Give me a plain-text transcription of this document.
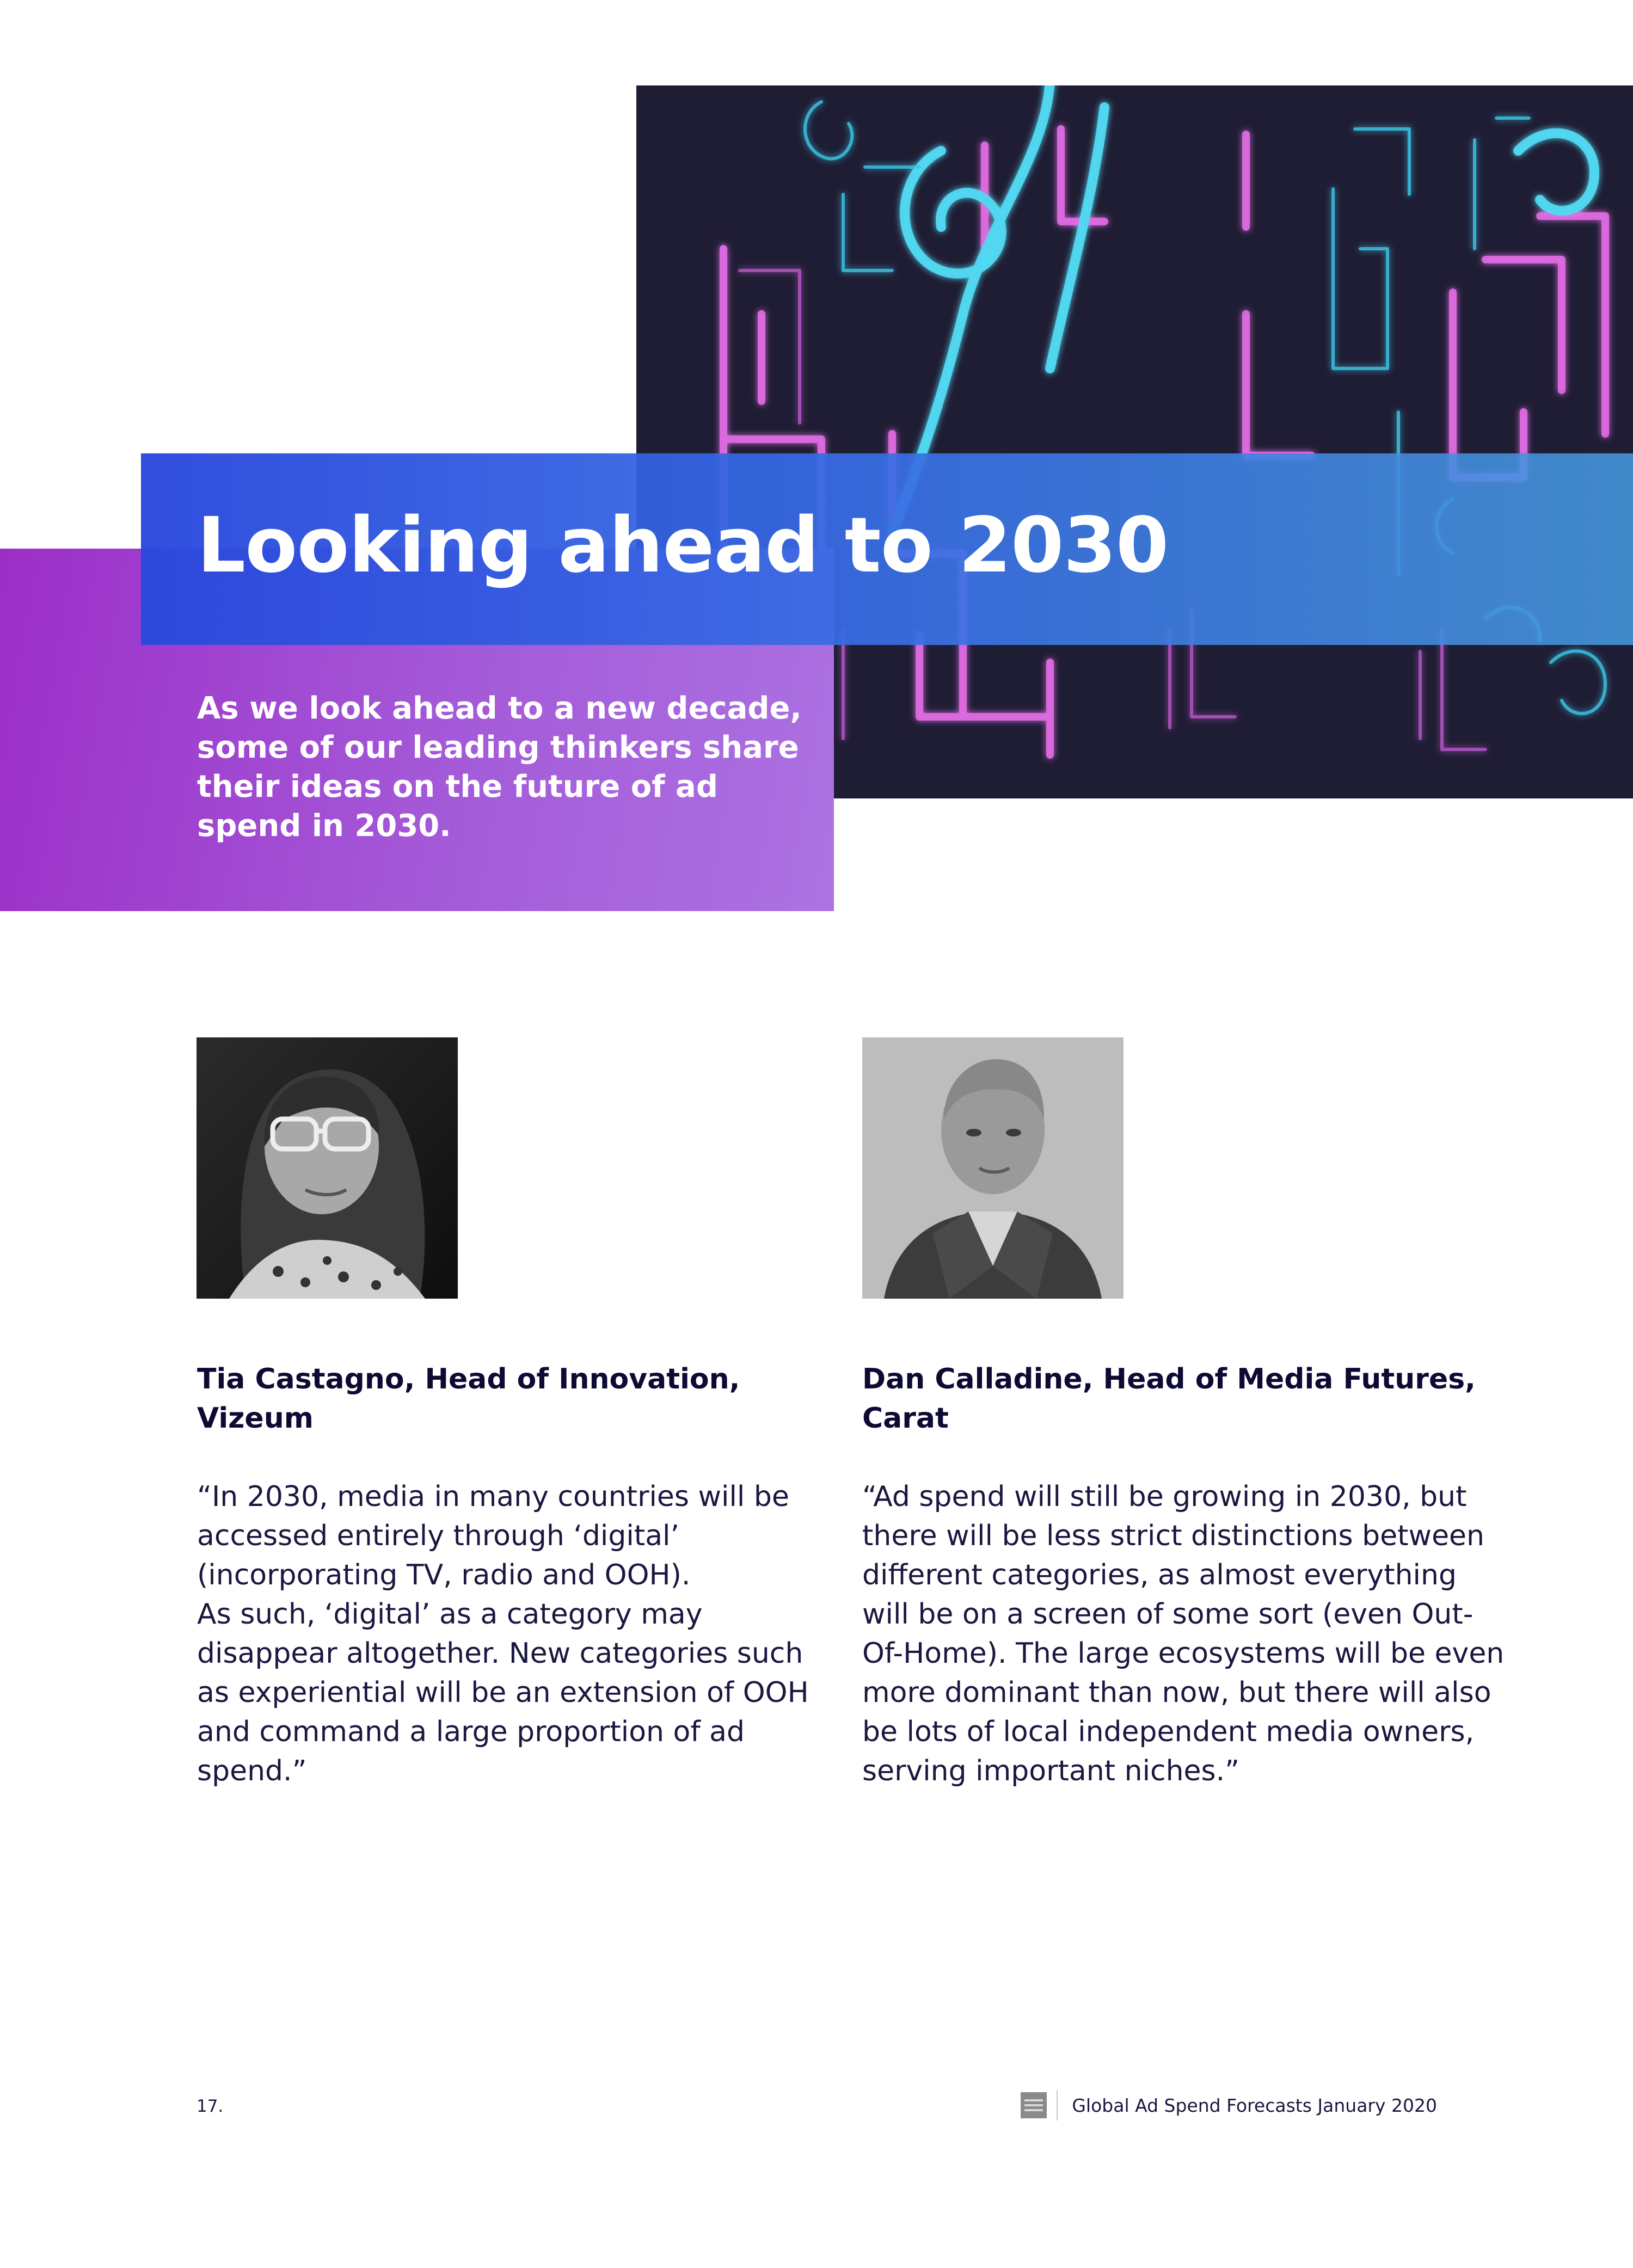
As we look ahead to a new decade, some of our leading thinkers share their ideas on the future of ad spend in 2030.

Looking ahead to 2030

Tia Castagno, Head of Innovation, Vizeum

“In 2030, media in many countries will be accessed entirely through ‘digital’ (incorporating TV, radio and OOH).
As such, ‘digital’ as a category may disappear altogether. New categories such as experiential will be an extension of OOH and command a large proportion of ad spend.”

Dan Calladine, Head of Media Futures, Carat

“Ad spend will still be growing in 2030, but there will be less strict distinctions between different categories, as almost everything will be on a screen of some sort (even Out-Of-Home). The large ecosystems will be even more dominant than now, but there will also be lots of local independent media owners, serving important niches.”

17.	Global Ad Spend Forecasts January 2020
